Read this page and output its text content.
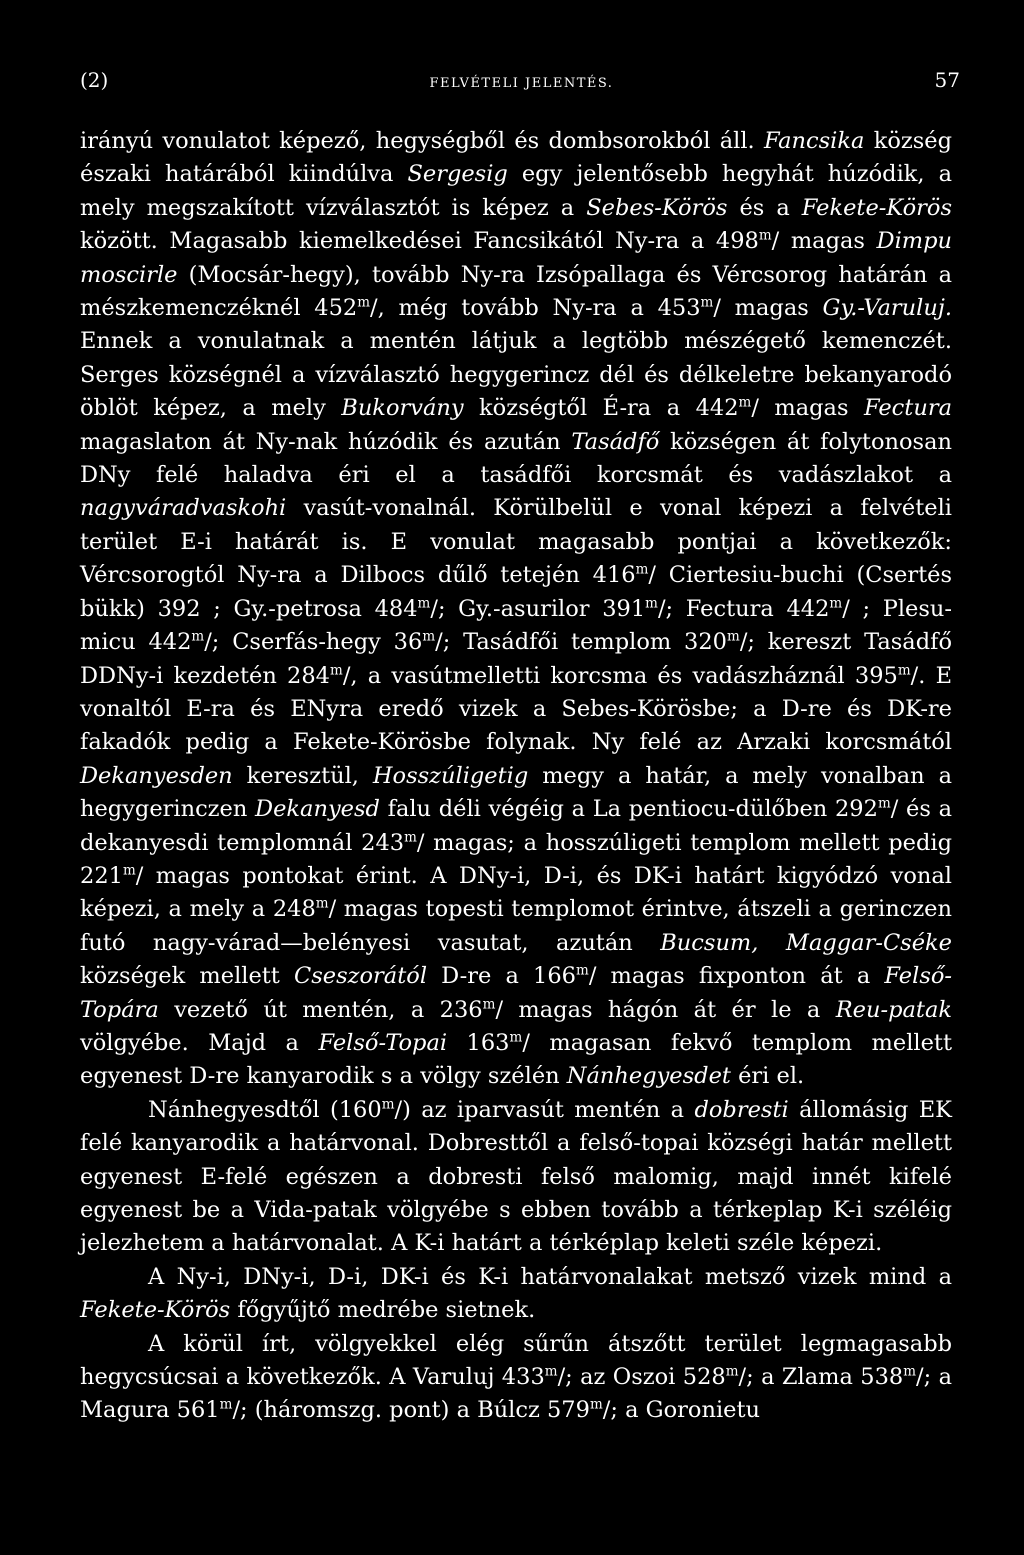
(2)	FELVÉTELI JELENTÉS.	57

irányú vonulatot képező, hegységből és dombsorokból áll. Fancsika község északi határából kiindúlva Sergesig egy jelentősebb hegyhát húzódik, a mely megszakított vízválasztót is képez a Sebes-Körös és a Fekete-Körös között. Magasabb kiemelkedései Fancsikától Ny-ra a 498$^m$/ magas Dimpu moscirle (Mocsár-hegy), tovább Ny-ra Izsópallaga és Vércsorog határán a mészkemenczéknél 452$^m$/, még tovább Ny-ra a 453$^m$/ magas Gy.-Varuluj. Ennek a vonulatnak a mentén látjuk a legtöbb mészégető kemenczét. Serges községnél a vízválasztó hegygerincz dél és délkeletre bekanyarodó öblöt képez, a mely Bukorvány községtől É-ra a 442$^m$/ magas Fectura magaslaton át Ny-nak húzódik és azután Tasádfő községen át folytonosan DNy felé haladva éri el a tasádfői korcsmát és vadászlakot a nagyváradvaskohi vasút-vonalnál. Körülbelül e vonal képezi a felvételi terület E-i határát is. E vonulat magasabb pontjai a következők: Vércsorogtól Ny-ra a Dilbocs dűlő tetején 416$^m$/ Ciertesiu-buchi (Csertés bükk) 392 ; Gy.-petrosa 484$^m$/; Gy.-asurilor 391$^m$/; Fectura 442$^m$/ ; Plesu-micu 442$^m$/; Cserfás-hegy 36$^m$/; Tasádfői templom 320$^m$/; kereszt Tasádfő DDNy-i kezdetén 284$^m$/, a vasútmelletti korcsma és vadászháznál 395$^m$/. E vonaltól E-ra és ENyra eredő vizek a Sebes-Körösbe; a D-re és DK-re fakadók pedig a Fekete-Körösbe folynak. Ny felé az Arzaki korcsmától Dekanyesden keresztül, Hosszúligetig megy a határ, a mely vonalban a hegygerinczen Dekanyesd falu déli végéig a La pentiocu-dülőben 292$^m$/ és a dekanyesdi templomnál 243$^m$/ magas; a hosszúligeti templom mellett pedig 221$^m$/ magas pontokat érint. A DNy-i, D-i, és DK-i határt kigyódzó vonal képezi, a mely a 248$^m$/ magas topesti templomot érintve, átszeli a gerinczen futó nagy-várad—belényesi vasutat, azután Bucsum, Maggar-Cséke községek mellett Cseszorától D-re a 166$^m$/ magas fixponton át a Felső-Topára vezető út mentén, a 236$^m$/ magas hágón át ér le a Reu-patak völgyébe. Majd a Felső-Topai 163$^m$/ magasan fekvő templom mellett egyenest D-re kanyarodik s a völgy szélén Nánhegyesdet éri el.

Nánhegyesdtől (160$^m$/) az iparvasút mentén a dobresti állomásig EK felé kanyarodik a határvonal. Dobresttől a felső-topai községi határ mellett egyenest E-felé egészen a dobresti felső malomig, majd innét kifelé egyenest be a Vida-patak völgyébe s ebben tovább a térkeplap K-i széléig jelezhetem a határvonalat. A K-i határt a térképlap keleti széle képezi.

A Ny-i, DNy-i, D-i, DK-i és K-i határvonalakat metsző vizek mind a Fekete-Körös főgyűjtő medrébe sietnek.

A körül írt, völgyekkel elég sűrűn átszőtt terület legmagasabb hegycsúcsai a következők. A Varuluj 433$^m$/; az Oszoi 528$^m$/; a Zlama 538$^m$/; a Magura 561$^m$/; (háromszg. pont) a Búlcz 579$^m$/; a Goronietu
